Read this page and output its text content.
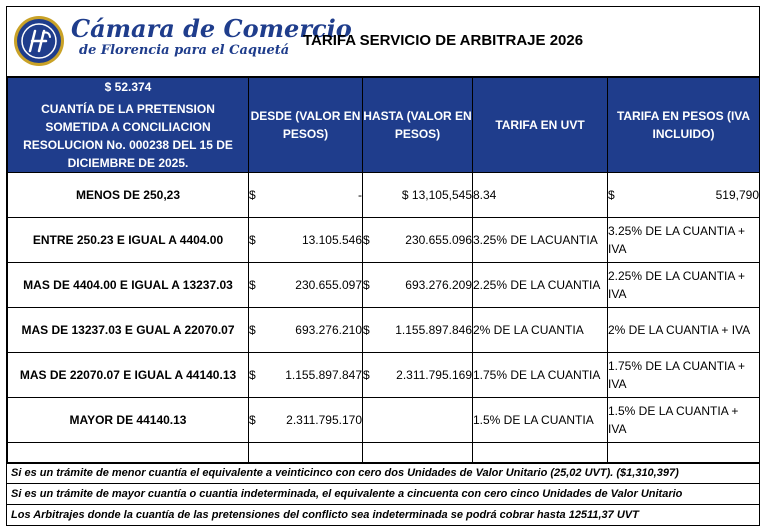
Cámara de Comercio
de Florencia para el Caquetá
TARIFA SERVICIO DE ARBITRAJE 2026
$ 52.374
CUANTÍA DE LA PRETENSION SOMETIDA A CONCILIACION RESOLUCION No. 000238 DEL 15 DE DICIEMBRE DE 2025.	DESDE (VALOR EN PESOS)	HASTA (VALOR EN PESOS)	TARIFA EN UVT	TARIFA EN PESOS (IVA INCLUIDO)
MENOS DE 250,23	$ -	$ 13,105,545	8.34	$ 519,790

ENTRE 250.23 E IGUAL A 4404.00	$ 13.105.546	$ 230.655.096	3.25% DE LACUANTIA	3.25% DE LA CUANTIA + IVA
MAS DE 4404.00 E IGUAL A 13237.03	$ 230.655.097	$ 693.276.209	2.25% DE LA CUANTIA	2.25% DE LA CUANTIA + IVA
MAS DE 13237.03 E GUAL A 22070.07	$ 693.276.210	$ 1.155.897.846	2% DE LA CUANTIA	2% DE LA CUANTIA + IVA
MAS DE 22070.07 E IGUAL A 44140.13	$ 1.155.897.847	$ 2.311.795.169	1.75% DE LA CUANTIA	1.75% DE LA CUANTIA + IVA
MAYOR DE 44140.13	$ 2.311.795.170		1.5% DE LA CUANTIA	1.5% DE LA CUANTIA + IVA

Si es un trámite de menor cuantía el equivalente a veinticinco con cero dos Unidades de Valor Unitario (25,02 UVT). ($1,310,397)
Si es un trámite de mayor cuantía o cuantia indeterminada, el equivalente a cincuenta con cero cinco Unidades de Valor Unitario
Los Arbitrajes donde la cuantía de las pretensiones del conflicto sea indeterminada se podrá cobrar hasta 12511,37 UVT
